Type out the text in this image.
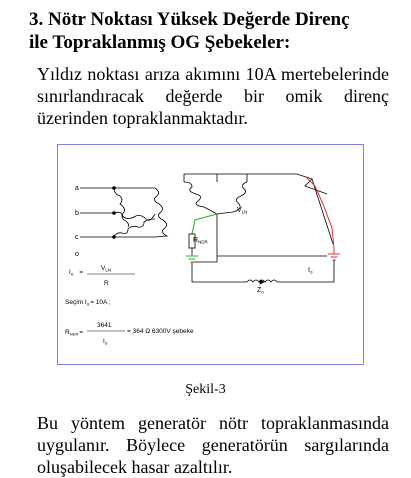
3. Nötr Noktası Yüksek Değerde Direnç
ile Topraklanmış OG Şebekeler:
Yıldız noktası arıza akımını 10A mertebelerinde sınırlandıracak değerde bir omik direnç üzerinden topraklanmaktadır.
a
b
c
o
$V_{LN}$
$R_{NDR}$
$I_o$
$Z_o$
$I_o$ =
$V_{LN}$
R
Seçim $I_o= 10A$ ;
$R_{NDR}=$
3641
$I_o$
= 364 Ω 6300V şebeke
Şekil-3
Bu yöntem generatör nötr topraklanmasında uygulanır. Böylece generatörün sargılarında oluşabilecek hasar azaltılır.
